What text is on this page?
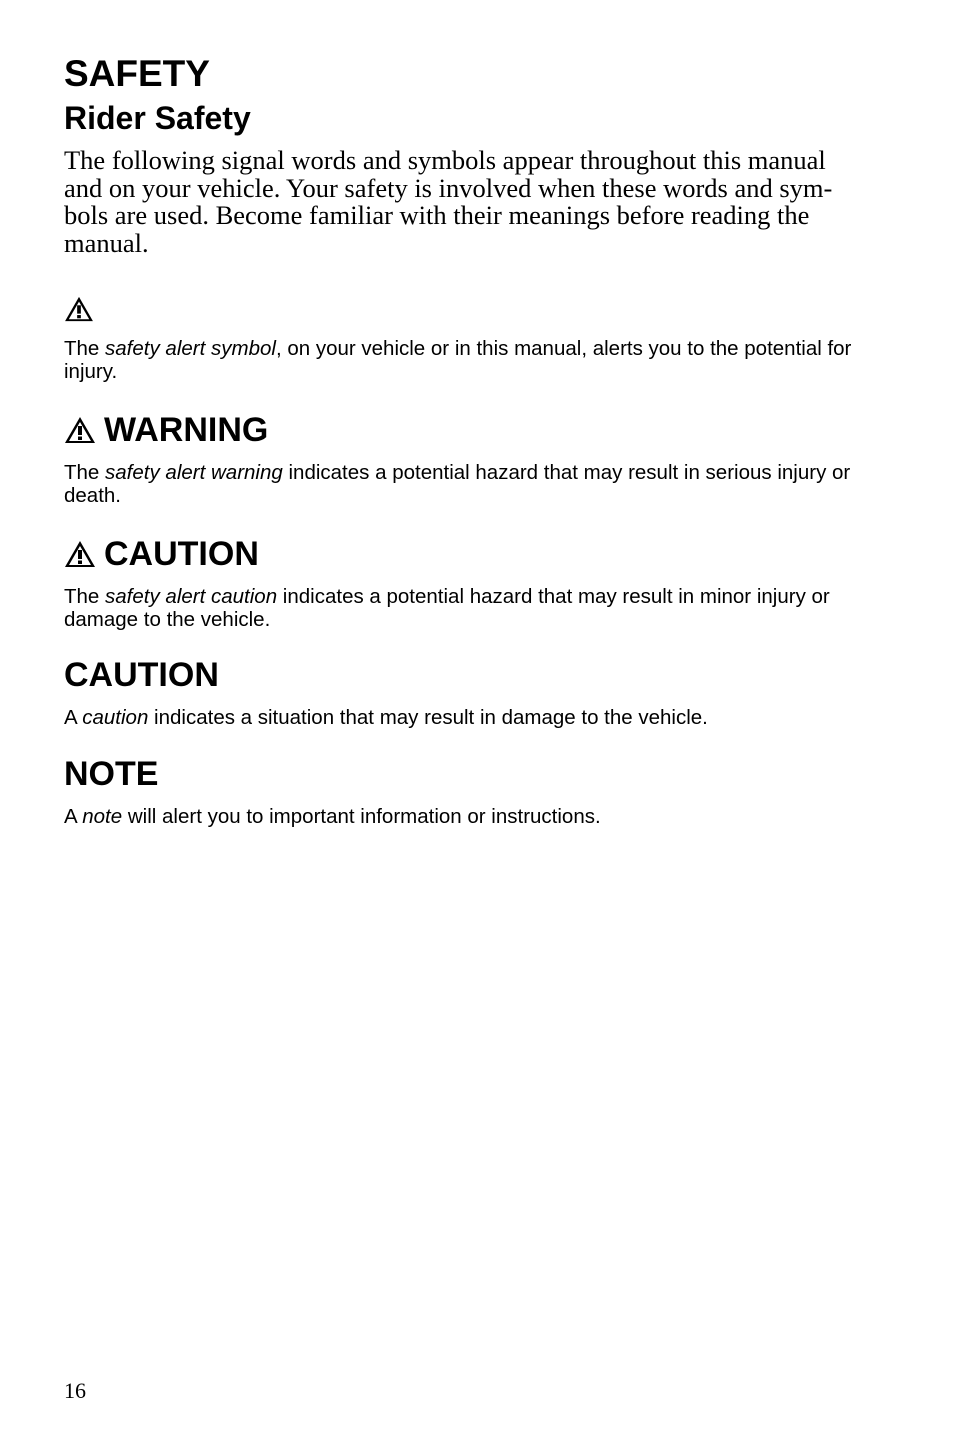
SAFETY
Rider Safety

The following signal words and symbols appear throughout this manual and on your vehicle. Your safety is involved when these words and sym-bols are used. Become familiar with their meanings before reading the manual.

The safety alert symbol, on your vehicle or in this manual, alerts you to the potential for injury.

WARNING

The safety alert warning indicates a potential hazard that may result in serious injury or death.

CAUTION

The safety alert caution indicates a potential hazard that may result in minor injury or damage to the vehicle.

CAUTION

A caution indicates a situation that may result in damage to the vehicle.

NOTE

A note will alert you to important information or instructions.

16
